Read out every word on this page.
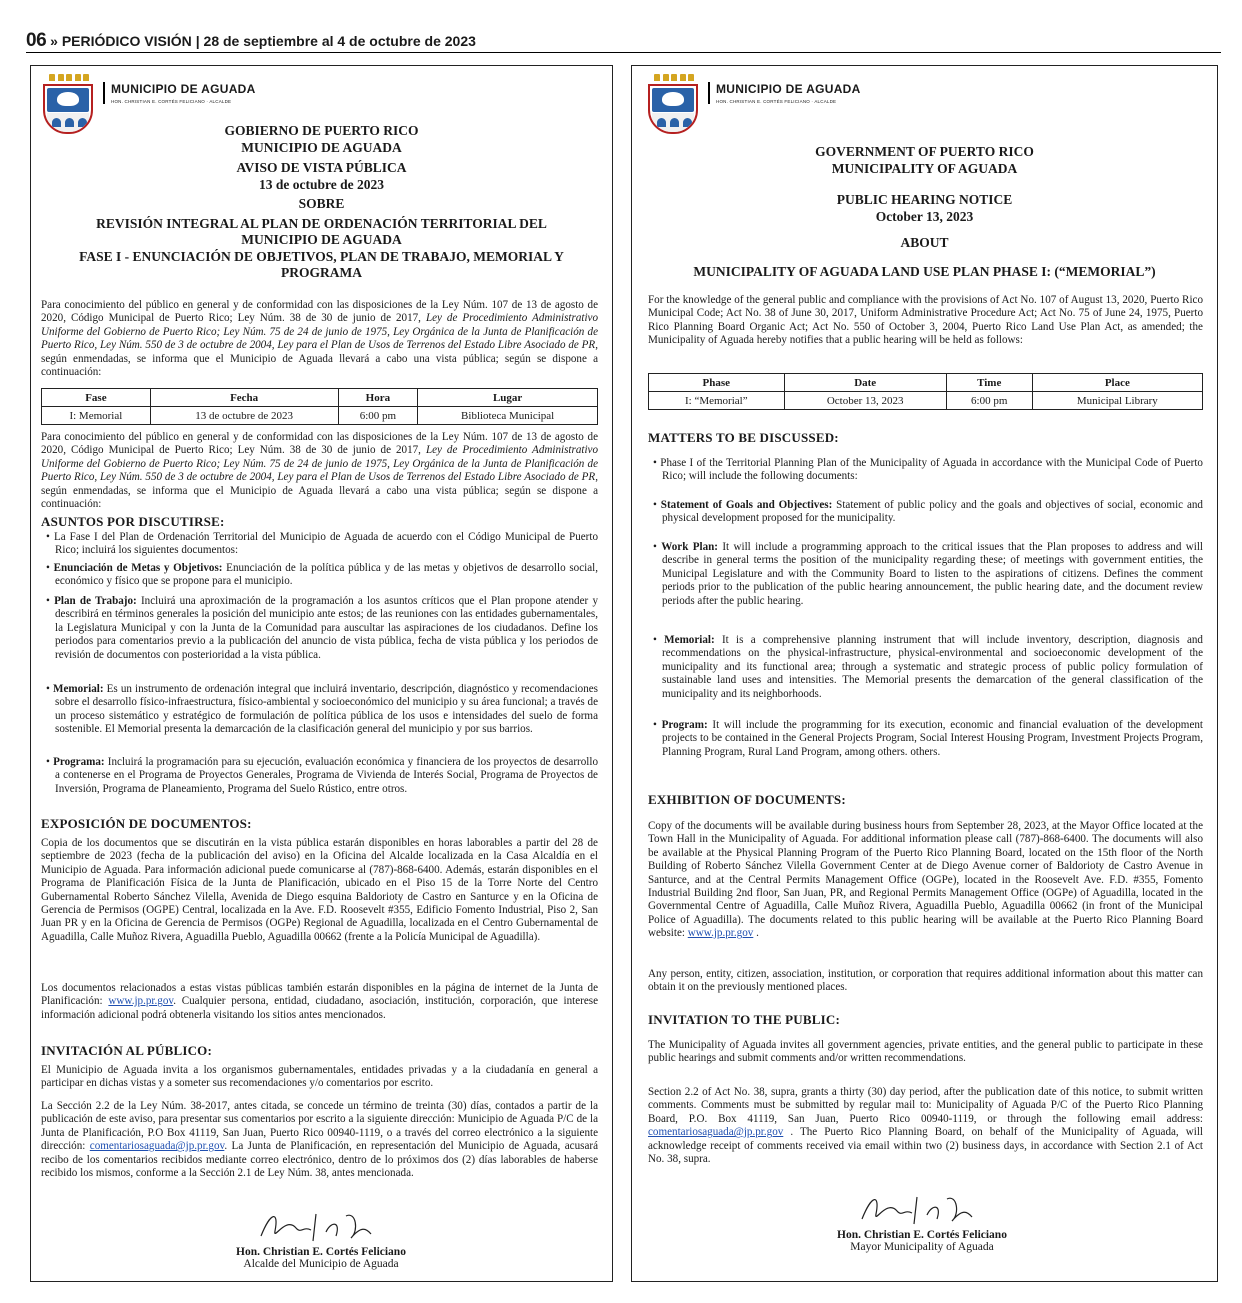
06 » PERIÓDICO VISIÓN | 28 de septiembre al 4 de octubre de 2023
MUNICIPIO DE AGUADA
HON. CHRISTIAN E. CORTÉS FELICIANO · ALCALDE
GOBIERNO DE PUERTO RICO
MUNICIPIO DE AGUADA
AVISO DE VISTA PÚBLICA
13 de octubre de 2023
SOBRE
REVISIÓN INTEGRAL AL PLAN DE ORDENACIÓN TERRITORIAL DEL
MUNICIPIO DE AGUADA
FASE I - ENUNCIACIÓN DE OBJETIVOS, PLAN DE TRABAJO, MEMORIAL Y
PROGRAMA

Para conocimiento del público en general y de conformidad con las disposiciones de la Ley Núm. 107 de 13 de agosto de 2020, Código Municipal de Puerto Rico; Ley Núm. 38 de 30 de junio de 2017, Ley de Procedimiento Administrativo Uniforme del Gobierno de Puerto Rico; Ley Núm. 75 de 24 de junio de 1975, Ley Orgánica de la Junta de Planificación de Puerto Rico, Ley Núm. 550 de 3 de octubre de 2004, Ley para el Plan de Usos de Terrenos del Estado Libre Asociado de PR, según enmendadas, se informa que el Municipio de Aguada llevará a cabo una vista pública; según se dispone a continuación:

Fase	Fecha	Hora	Lugar
I: Memorial	13 de octubre de 2023	6:00 pm	Biblioteca Municipal

Para conocimiento del público en general y de conformidad con las disposiciones de la Ley Núm. 107 de 13 de agosto de 2020, Código Municipal de Puerto Rico; Ley Núm. 38 de 30 de junio de 2017, Ley de Procedimiento Administrativo Uniforme del Gobierno de Puerto Rico; Ley Núm. 75 de 24 de junio de 1975, Ley Orgánica de la Junta de Planificación de Puerto Rico, Ley Núm. 550 de 3 de octubre de 2004, Ley para el Plan de Usos de Terrenos del Estado Libre Asociado de PR, según enmendadas, se informa que el Municipio de Aguada llevará a cabo una vista pública; según se dispone a continuación:

ASUNTOS POR DISCUTIRSE:

• La Fase I del Plan de Ordenación Territorial del Municipio de Aguada de acuerdo con el Código Municipal de Puerto Rico; incluirá los siguientes documentos:

• Enunciación de Metas y Objetivos: Enunciación de la política pública y de las metas y objetivos de desarrollo social, económico y físico que se propone para el municipio.

• Plan de Trabajo: Incluirá una aproximación de la programación a los asuntos críticos que el Plan propone atender y describirá en términos generales la posición del municipio ante estos; de las reuniones con las entidades gubernamentales, la Legislatura Municipal y con la Junta de la Comunidad para auscultar las aspiraciones de los ciudadanos. Define los periodos para comentarios previo a la publicación del anuncio de vista pública, fecha de vista pública y los periodos de revisión de documentos con posterioridad a la vista pública.

• Memorial: Es un instrumento de ordenación integral que incluirá inventario, descripción, diagnóstico y recomendaciones sobre el desarrollo físico-infraestructura, físico-ambiental y socioeconómico del municipio y su área funcional; a través de un proceso sistemático y estratégico de formulación de política pública de los usos e intensidades del suelo de forma sostenible. El Memorial presenta la demarcación de la clasificación general del municipio y por sus barrios.

• Programa: Incluirá la programación para su ejecución, evaluación económica y financiera de los proyectos de desarrollo a contenerse en el Programa de Proyectos Generales, Programa de Vivienda de Interés Social, Programa de Proyectos de Inversión, Programa de Planeamiento, Programa del Suelo Rústico, entre otros.

EXPOSICIÓN DE DOCUMENTOS:

Copia de los documentos que se discutirán en la vista pública estarán disponibles en horas laborables a partir del 28 de septiembre de 2023 (fecha de la publicación del aviso) en la Oficina del Alcalde localizada en la Casa Alcaldía en el Municipio de Aguada. Para información adicional puede comunicarse al (787)-868-6400. Además, estarán disponibles en el Programa de Planificación Física de la Junta de Planificación, ubicado en el Piso 15 de la Torre Norte del Centro Gubernamental Roberto Sánchez Vilella, Avenida de Diego esquina Baldorioty de Castro en Santurce y en la Oficina de Gerencia de Permisos (OGPE) Central, localizada en la Ave. F.D. Roosevelt #355, Edificio Fomento Industrial, Piso 2, San Juan PR y en la Oficina de Gerencia de Permisos (OGPe) Regional de Aguadilla, localizada en el Centro Gubernamental de Aguadilla, Calle Muñoz Rivera, Aguadilla Pueblo, Aguadilla 00662 (frente a la Policía Municipal de Aguadilla).

Los documentos relacionados a estas vistas públicas también estarán disponibles en la página de internet de la Junta de Planificación: www.jp.pr.gov. Cualquier persona, entidad, ciudadano, asociación, institución, corporación, que interese información adicional podrá obtenerla visitando los sitios antes mencionados.

INVITACIÓN AL PÚBLICO:

El Municipio de Aguada invita a los organismos gubernamentales, entidades privadas y a la ciudadanía en general a participar en dichas vistas y a someter sus recomendaciones y/o comentarios por escrito.

La Sección 2.2 de la Ley Núm. 38-2017, antes citada, se concede un término de treinta (30) días, contados a partir de la publicación de este aviso, para presentar sus comentarios por escrito a la siguiente dirección: Municipio de Aguada P/C de la Junta de Planificación, P.O Box 41119, San Juan, Puerto Rico 00940-1119, o a través del correo electrónico a la siguiente dirección: comentariosaguada@jp.pr.gov. La Junta de Planificación, en representación del Municipio de Aguada, acusará recibo de los comentarios recibidos mediante correo electrónico, dentro de lo próximos dos (2) días laborables de haberse recibido los mismos, conforme a la Sección 2.1 de Ley Núm. 38, antes mencionada.

Hon. Christian E. Cortés Feliciano
Alcalde del Municipio de Aguada
MUNICIPIO DE AGUADA
HON. CHRISTIAN E. CORTÉS FELICIANO · ALCALDE
GOVERNMENT OF PUERTO RICO
MUNICIPALITY OF AGUADA
PUBLIC HEARING NOTICE
October 13, 2023
ABOUT
MUNICIPALITY OF AGUADA LAND USE PLAN PHASE I: (“MEMORIAL”)

For the knowledge of the general public and compliance with the provisions of Act No. 107 of August 13, 2020, Puerto Rico Municipal Code; Act No. 38 of June 30, 2017, Uniform Administrative Procedure Act; Act No. 75 of June 24, 1975, Puerto Rico Planning Board Organic Act; Act No. 550 of October 3, 2004, Puerto Rico Land Use Plan Act, as amended; the Municipality of Aguada hereby notifies that a public hearing will be held as follows:

Phase	Date	Time	Place
I: “Memorial”	October 13, 2023	6:00 pm	Municipal Library
MATTERS TO BE DISCUSSED:

• Phase I of the Territorial Planning Plan of the Municipality of Aguada in accordance with the Municipal Code of Puerto Rico; will include the following documents:

• Statement of Goals and Objectives: Statement of public policy and the goals and objectives of social, economic and physical development proposed for the municipality.

• Work Plan: It will include a programming approach to the critical issues that the Plan proposes to address and will describe in general terms the position of the municipality regarding these; of meetings with government entities, the Municipal Legislature and with the Community Board to listen to the aspirations of citizens. Defines the comment periods prior to the publication of the public hearing announcement, the public hearing date, and the document review periods after the public hearing.

• Memorial: It is a comprehensive planning instrument that will include inventory, description, diagnosis and recommendations on the physical-infrastructure, physical-environmental and socioeconomic development of the municipality and its functional area; through a systematic and strategic process of public policy formulation of sustainable land uses and intensities. The Memorial presents the demarcation of the general classification of the municipality and its neighborhoods.

• Program: It will include the programming for its execution, economic and financial evaluation of the development projects to be contained in the General Projects Program, Social Interest Housing Program, Investment Projects Program, Planning Program, Rural Land Program, among others. others.

EXHIBITION OF DOCUMENTS:

Copy of the documents will be available during business hours from September 28, 2023, at the Mayor Office located at the Town Hall in the Municipality of Aguada. For additional information please call (787)-868-6400. The documents will also be available at the Physical Planning Program of the Puerto Rico Planning Board, located on the 15th floor of the North Building of Roberto Sánchez Vilella Government Center at de Diego Avenue corner of Baldorioty de Castro Avenue in Santurce, and at the Central Permits Management Office (OGPe), located in the Roosevelt Ave. F.D. #355, Fomento Industrial Building 2nd floor, San Juan, PR, and Regional Permits Management Office (OGPe) of Aguadilla, located in the Governmental Centre of Aguadilla, Calle Muñoz Rivera, Aguadilla Pueblo, Aguadilla 00662 (in front of the Municipal Police of Aguadilla). The documents related to this public hearing will be available at the Puerto Rico Planning Board website: www.jp.pr.gov .

Any person, entity, citizen, association, institution, or corporation that requires additional information about this matter can obtain it on the previously mentioned places.

INVITATION TO THE PUBLIC:

The Municipality of Aguada invites all government agencies, private entities, and the general public to participate in these public hearings and submit comments and/or written recommendations.

Section 2.2 of Act No. 38, supra, grants a thirty (30) day period, after the publication date of this notice, to submit written comments. Comments must be submitted by regular mail to: Municipality of Aguada P/C of the Puerto Rico Planning Board, P.O. Box 41119, San Juan, Puerto Rico 00940-1119, or through the following email address: comentariosaguada@jp.pr.gov . The Puerto Rico Planning Board, on behalf of the Municipality of Aguada, will acknowledge receipt of comments received via email within two (2) business days, in accordance with Section 2.1 of Act No. 38, supra.

Hon. Christian E. Cortés Feliciano
Mayor Municipality of Aguada
